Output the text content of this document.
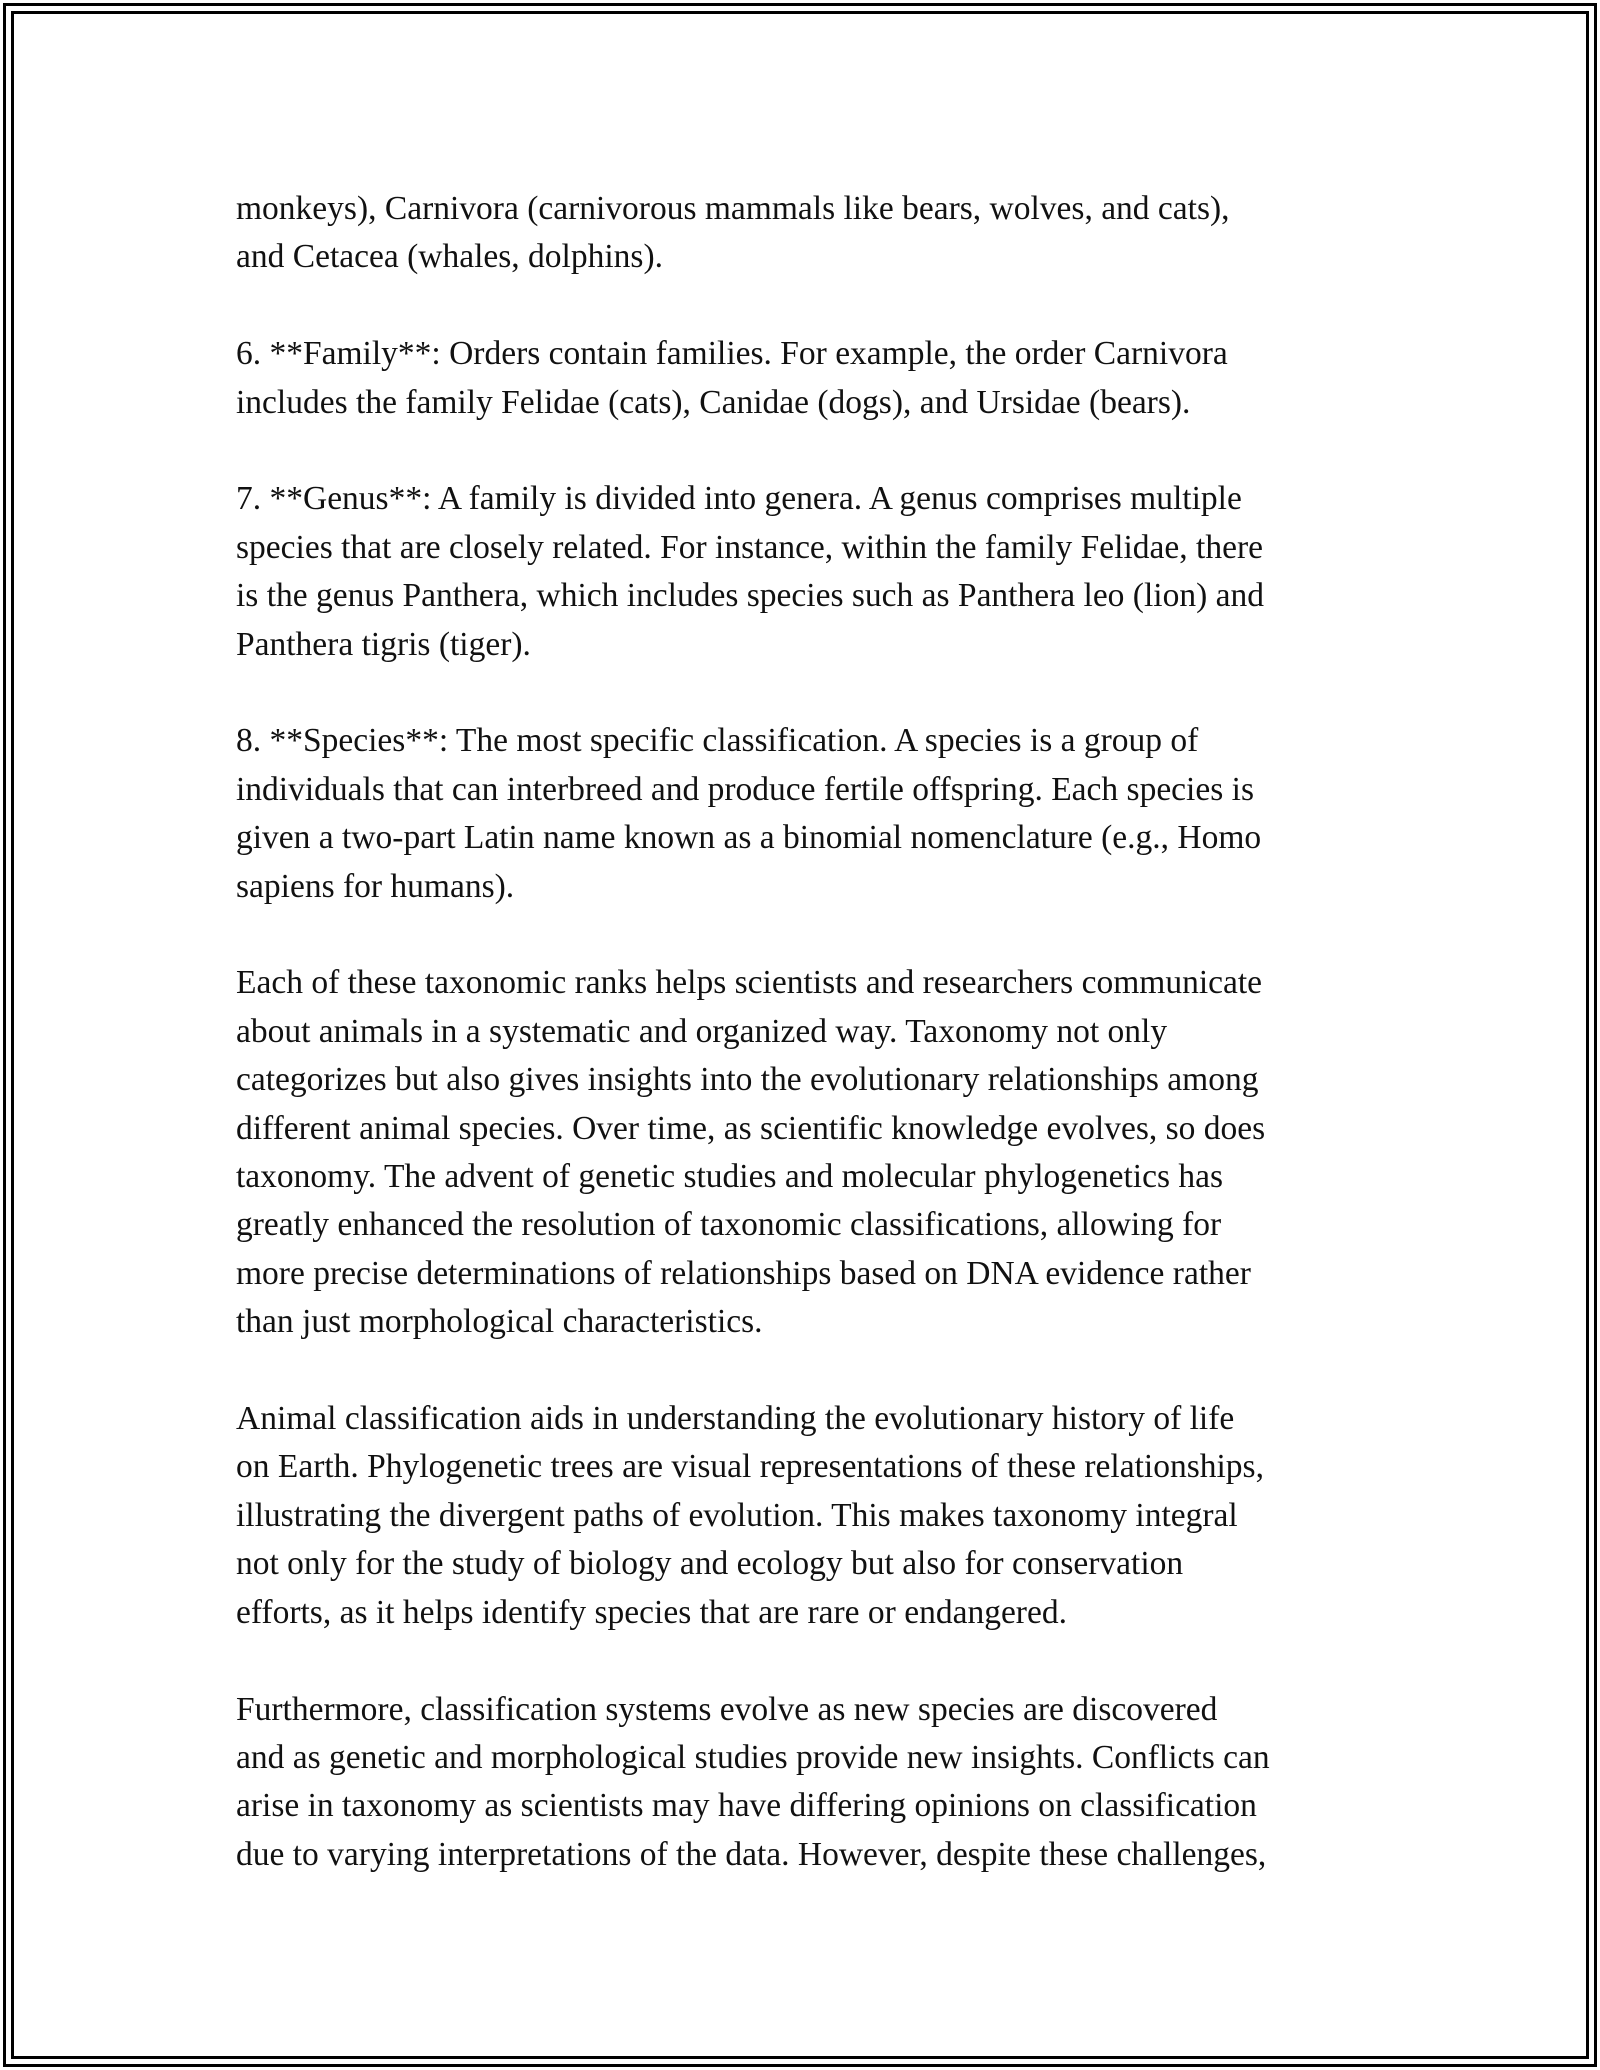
monkeys), Carnivora (carnivorous mammals like bears, wolves, and cats),
and Cetacea (whales, dolphins).

6. **Family**: Orders contain families. For example, the order Carnivora
includes the family Felidae (cats), Canidae (dogs), and Ursidae (bears).

7. **Genus**: A family is divided into genera. A genus comprises multiple
species that are closely related. For instance, within the family Felidae, there
is the genus Panthera, which includes species such as Panthera leo (lion) and
Panthera tigris (tiger).

8. **Species**: The most specific classification. A species is a group of
individuals that can interbreed and produce fertile offspring. Each species is
given a two-part Latin name known as a binomial nomenclature (e.g., Homo
sapiens for humans).

Each of these taxonomic ranks helps scientists and researchers communicate
about animals in a systematic and organized way. Taxonomy not only
categorizes but also gives insights into the evolutionary relationships among
different animal species. Over time, as scientific knowledge evolves, so does
taxonomy. The advent of genetic studies and molecular phylogenetics has
greatly enhanced the resolution of taxonomic classifications, allowing for
more precise determinations of relationships based on DNA evidence rather
than just morphological characteristics.

Animal classification aids in understanding the evolutionary history of life
on Earth. Phylogenetic trees are visual representations of these relationships,
illustrating the divergent paths of evolution. This makes taxonomy integral
not only for the study of biology and ecology but also for conservation
efforts, as it helps identify species that are rare or endangered.

Furthermore, classification systems evolve as new species are discovered
and as genetic and morphological studies provide new insights. Conflicts can
arise in taxonomy as scientists may have differing opinions on classification
due to varying interpretations of the data. However, despite these challenges,
